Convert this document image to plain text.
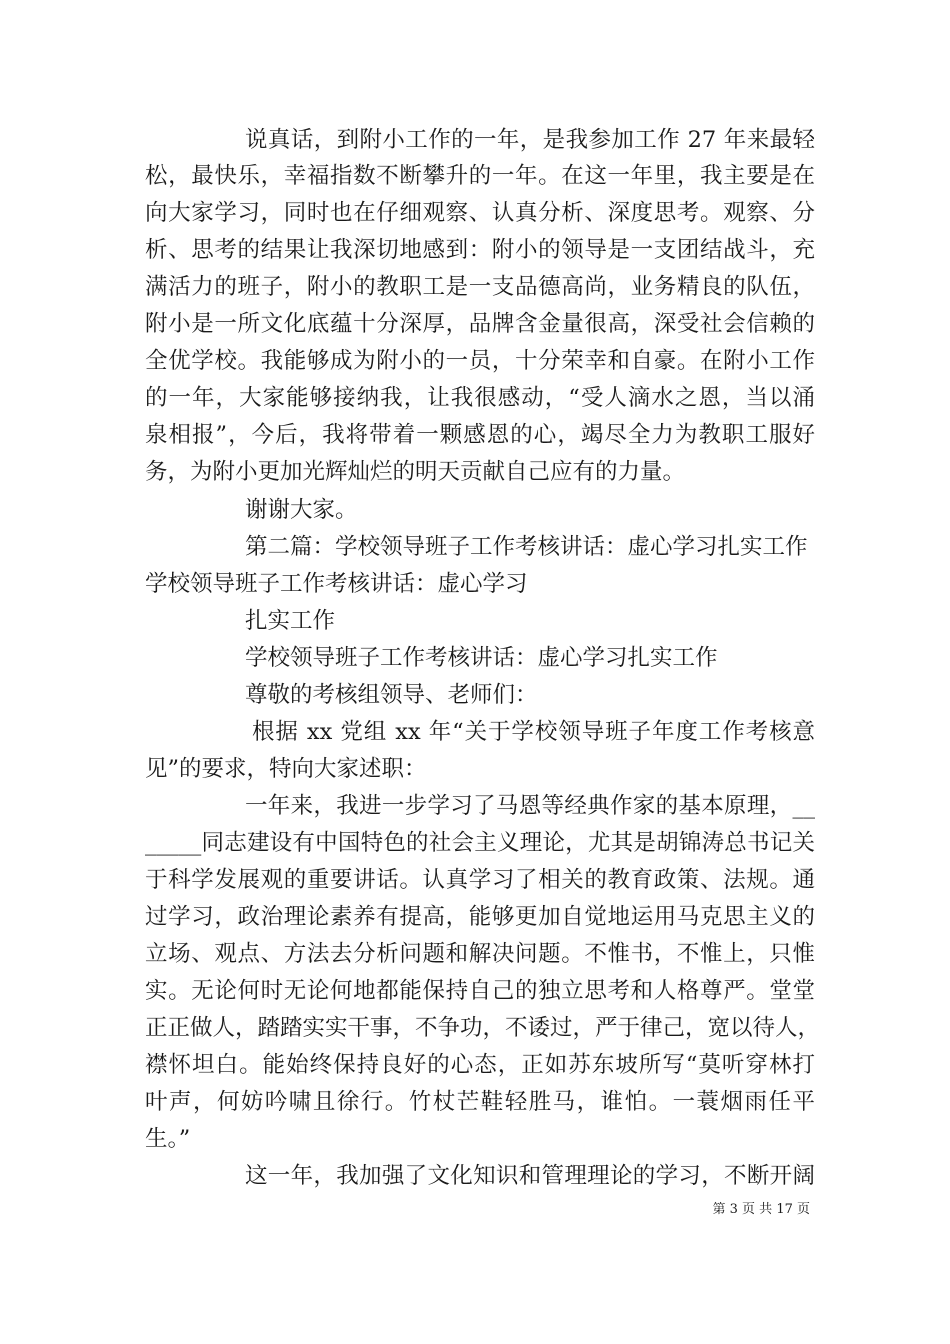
说真话，到附小工作的一年，是我参加工作 27 年来最轻
松，最快乐，幸福指数不断攀升的一年。在这一年里，我主要是在
向大家学习，同时也在仔细观察、认真分析、深度思考。观察、分
析、思考的结果让我深切地感到：附小的领导是一支团结战斗，充
满活力的班子，附小的教职工是一支品德高尚，业务精良的队伍，
附小是一所文化底蕴十分深厚，品牌含金量很高，深受社会信赖的
全优学校。我能够成为附小的一员，十分荣幸和自豪。在附小工作
的一年，大家能够接纳我，让我很感动，“受人滴水之恩，当以涌
泉相报”，今后，我将带着一颗感恩的心，竭尽全力为教职工服好
务，为附小更加光辉灿烂的明天贡献自己应有的力量。
谢谢大家。
第二篇：学校领导班子工作考核讲话：虚心学习扎实工作
学校领导班子工作考核讲话：虚心学习
扎实工作
学校领导班子工作考核讲话：虚心学习扎实工作
尊敬的考核组领导、老师们：
根据 xx 党组 xx 年“关于学校领导班子年度工作考核意
见”的要求，特向大家述职：
一年来，我进一步学习了马恩等经典作家的基本原理，__
_____同志建设有中国特色的社会主义理论，尤其是胡锦涛总书记关
于科学发展观的重要讲话。认真学习了相关的教育政策、法规。通
过学习，政治理论素养有提高，能够更加自觉地运用马克思主义的
立场、观点、方法去分析问题和解决问题。不惟书，不惟上，只惟
实。无论何时无论何地都能保持自己的独立思考和人格尊严。堂堂
正正做人，踏踏实实干事，不争功，不诿过，严于律己，宽以待人，
襟怀坦白。能始终保持良好的心态，正如苏东坡所写“莫听穿林打
叶声，何妨吟啸且徐行。竹杖芒鞋轻胜马，谁怕。一蓑烟雨任平
生。”
这一年，我加强了文化知识和管理理论的学习，不断开阔
第 3 页 共 17 页
